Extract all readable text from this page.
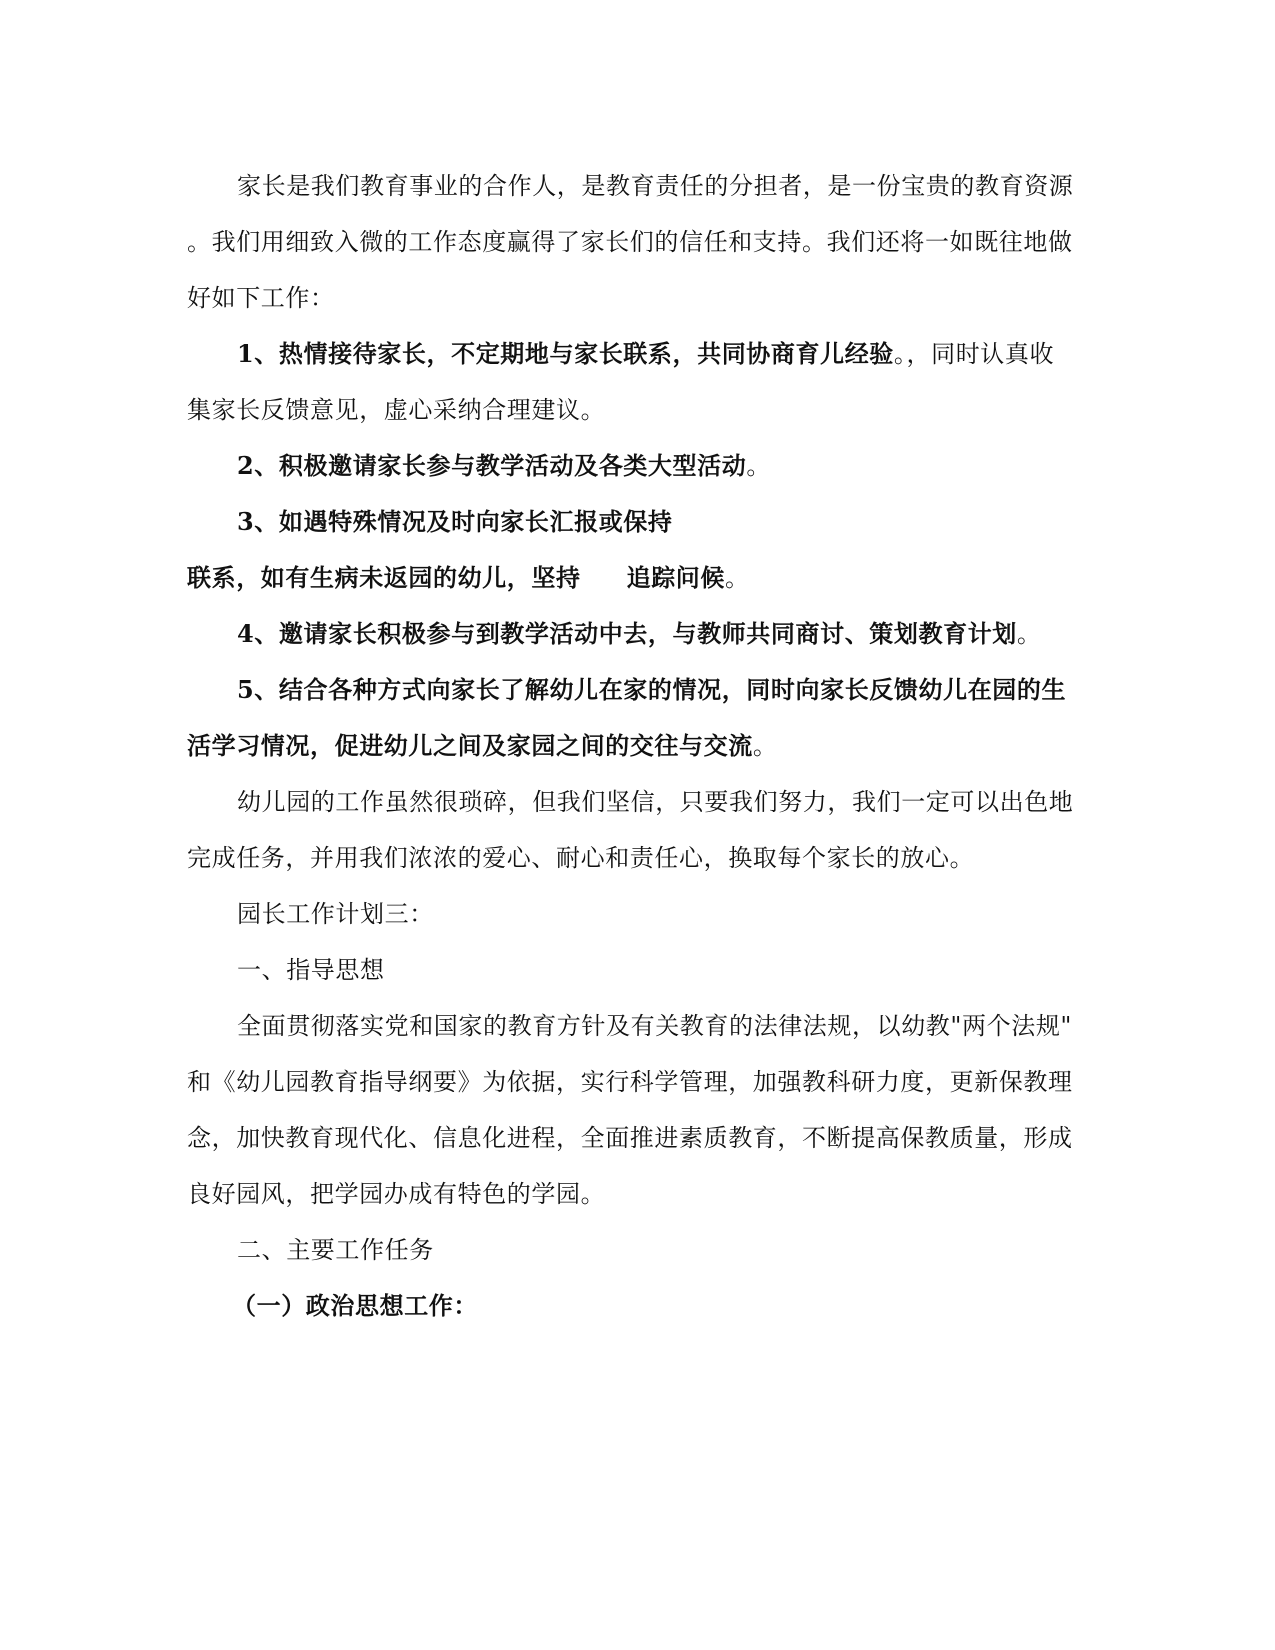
家长是我们教育事业的合作人，是教育责任的分担者，是一份宝贵的教育资源
。我们用细致入微的工作态度赢得了家长们的信任和支持。我们还将一如既往地做
好如下工作：
1、热情接待家长，不定期地与家长联系，共同协商育儿经验。，同时认真收
集家长反馈意见，虚心采纳合理建议。
2、积极邀请家长参与教学活动及各类大型活动。
3、如遇特殊情况及时向家长汇报或保持
联系，如有生病未返园的幼儿，坚持 追踪问候。
4、邀请家长积极参与到教学活动中去，与教师共同商讨、策划教育计划。
5、结合各种方式向家长了解幼儿在家的情况，同时向家长反馈幼儿在园的生
活学习情况，促进幼儿之间及家园之间的交往与交流。
幼儿园的工作虽然很琐碎，但我们坚信，只要我们努力，我们一定可以出色地
完成任务，并用我们浓浓的爱心、耐心和责任心，换取每个家长的放心。
园长工作计划三：
一、指导思想
全面贯彻落实党和国家的教育方针及有关教育的法律法规，以幼教"两个法规"
和《幼儿园教育指导纲要》为依据，实行科学管理，加强教科研力度，更新保教理
念，加快教育现代化、信息化进程，全面推进素质教育，不断提高保教质量，形成
良好园风，把学园办成有特色的学园。
二、主要工作任务
（一）政治思想工作：
